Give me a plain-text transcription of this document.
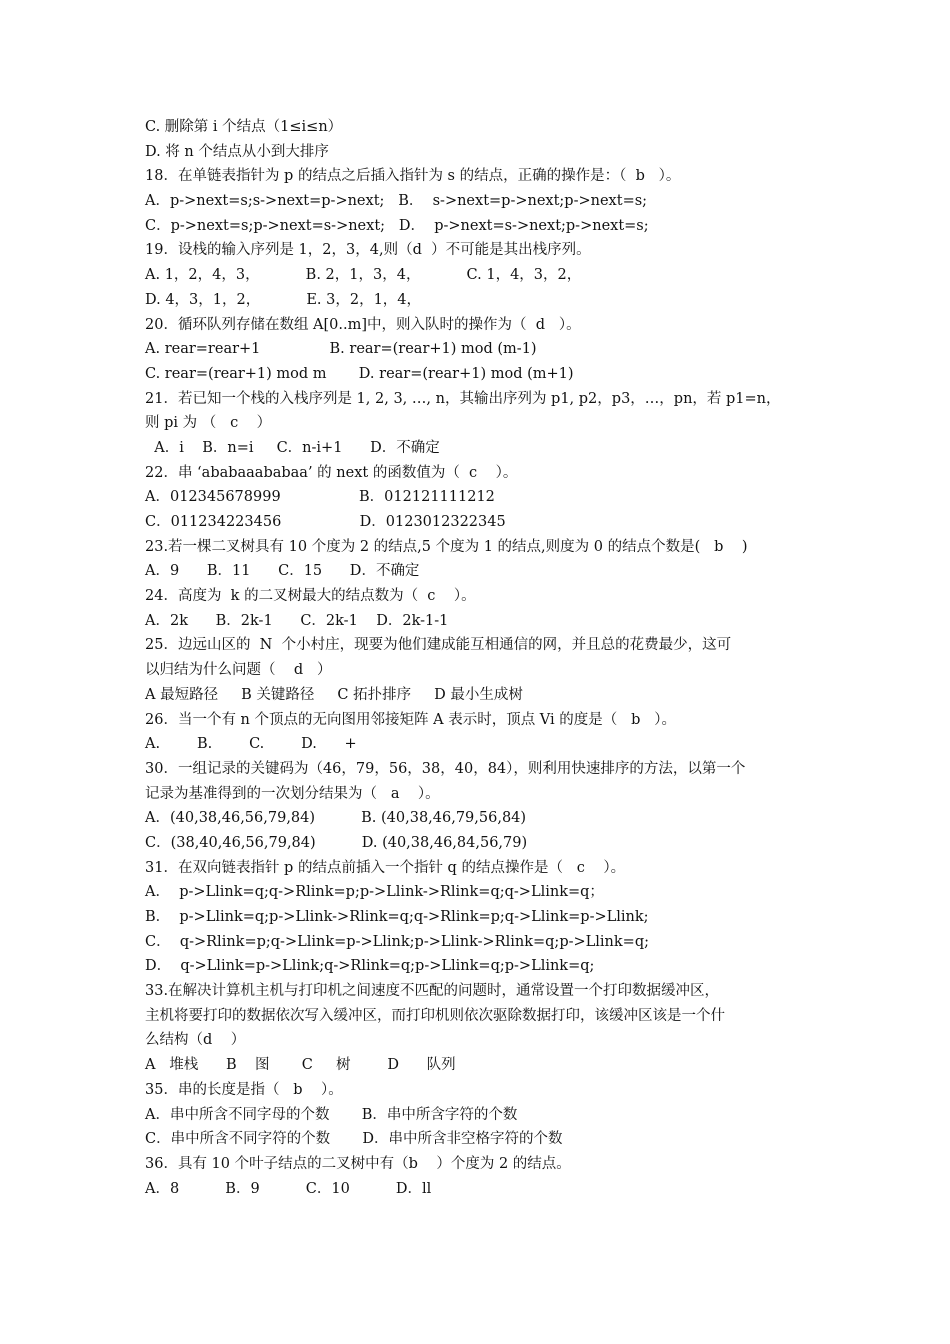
C. 删除第 i 个结点（1≤i≤n）
D. 将 n 个结点从小到大排序
18．在单链表指针为 p 的结点之后插入指针为 s 的结点，正确的操作是：（  b   ）。
A．p->next=s;s->next=p->next;   B．  s->next=p->next;p->next=s;
C．p->next=s;p->next=s->next;   D．  p->next=s->next;p->next=s;
19．设栈的输入序列是 1，2，3，4,则（d  ）不可能是其出栈序列。
A. 1，2，4，3，          B. 2，1，3，4，          C. 1，4，3，2，
D. 4，3，1，2，          E. 3，2，1，4，
20．循环队列存储在数组 A[0..m]中，则入队时的操作为（  d   ）。
A. rear=rear+1               B. rear=(rear+1) mod (m-1)
C. rear=(rear+1) mod m       D. rear=(rear+1) mod (m+1)
21．若已知一个栈的入栈序列是 1, 2, 3, …, n，其输出序列为 p1, p2，p3，…，pn，若 p1=n，
则 pi 为 （   c    ）
A．i    B．n=i     C．n-i+1      D．不确定
22．串 ‘ababaaababaa’ 的 next 的函数值为（  c    ）。
A．012345678999                 B．012121111212
C．011234223456                 D．0123012322345
23.若一棵二叉树具有 10 个度为 2 的结点,5 个度为 1 的结点,则度为 0 的结点个数是(   b    )
A．9      B．11      C．15      D．不确定
24．高度为  k 的二叉树最大的结点数为（  c    ）。
A．2k      B．2k-1      C．2k-1    D．2k-1-1
25．边远山区的  N  个小村庄，现要为他们建成能互相通信的网，并且总的花费最少，这可
以归结为什么问题（    d   ）
A 最短路径     B 关键路径     C 拓扑排序     D 最小生成树
26．当一个有 n 个顶点的无向图用邻接矩阵 A 表示时，顶点 Vi 的度是（   b   ）。
A.        B.        C.        D.      +
30．一组记录的关键码为（46，79，56，38，40，84），则利用快速排序的方法，以第一个
记录为基准得到的一次划分结果为（   a    ）。
A．(40,38,46,56,79,84)          B. (40,38,46,79,56,84)
C．(38,40,46,56,79,84)          D. (40,38,46,84,56,79)
31．在双向链表指针 p 的结点前插入一个指针 q 的结点操作是（   c    ）。
A．  p->Llink=q;q->Rlink=p;p->Llink->Rlink=q;q->Llink=q；
B．  p->Llink=q;p->Llink->Rlink=q;q->Rlink=p;q->Llink=p->Llink;
C．  q->Rlink=p;q->Llink=p->Llink;p->Llink->Rlink=q;p->Llink=q;
D．  q->Llink=p->Llink;q->Rlink=q;p->Llink=q;p->Llink=q;
33.在解决计算机主机与打印机之间速度不匹配的问题时，通常设置一个打印数据缓冲区，
主机将要打印的数据依次写入缓冲区，而打印机则依次驱除数据打印，该缓冲区该是一个什
么结构（d    ）
A   堆栈      B    图       C     树        D      队列
35．串的长度是指（   b    ）。
A．串中所含不同字母的个数       B．串中所含字符的个数
C．串中所含不同字符的个数       D．串中所含非空格字符的个数
36．具有 10 个叶子结点的二叉树中有（b    ）个度为 2 的结点。
A．8          B．9          C．10          D．ll
